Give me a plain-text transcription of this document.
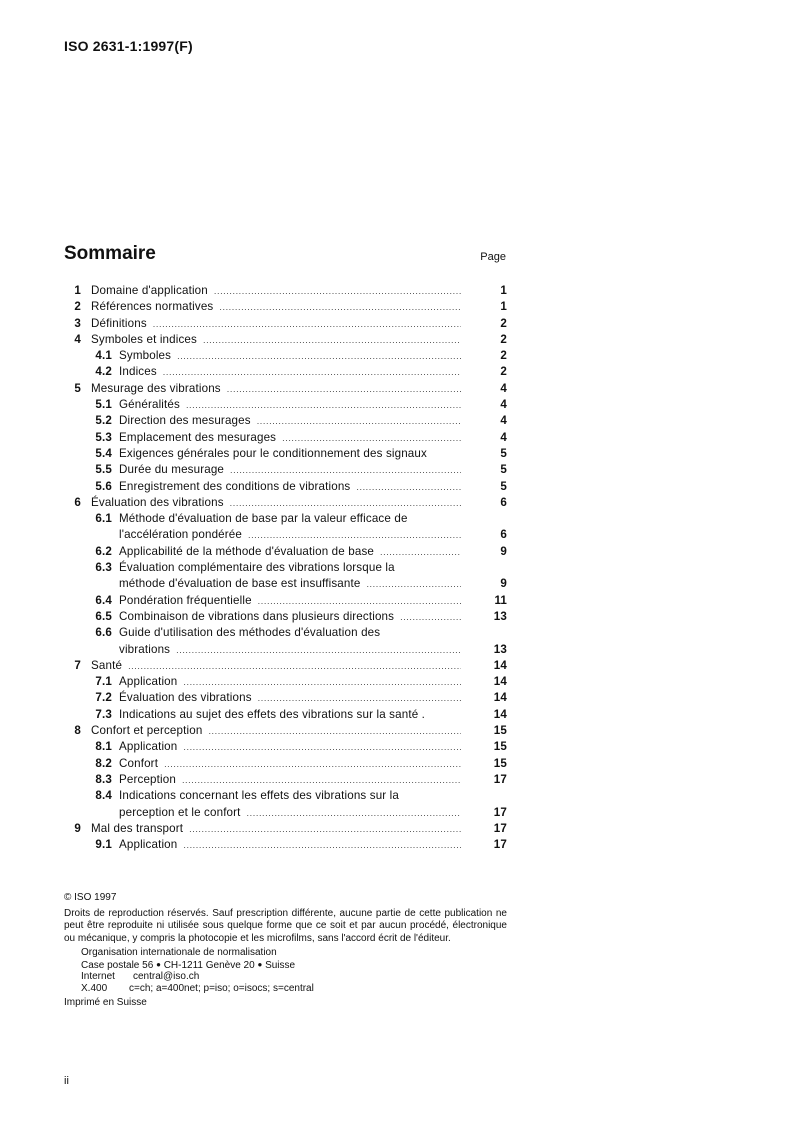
ISO 2631-1:1997(F)
Sommaire	Page
1 Domaine d'application .....	1
2 Références normatives .....	1
3 Définitions .....	2
4 Symboles et indices .....	2
4.1 Symboles .....	2
4.2 Indices .....	2
5 Mesurage des vibrations .....	4
5.1 Généralités .....	4
5.2 Direction des mesurages .....	4
5.3 Emplacement des mesurages .....	4
5.4 Exigences générales pour le conditionnement des signaux	5
5.5 Durée du mesurage .....	5
5.6 Enregistrement des conditions de vibrations .....	5
6 Évaluation des vibrations .....	6
6.1 Méthode d'évaluation de base par la valeur efficace de
l'accélération pondérée .....	6
6.2 Applicabilité de la méthode d'évaluation de base .....	9
6.3 Évaluation complémentaire des vibrations lorsque la
méthode d'évaluation de base est insuffisante .....	9
6.4 Pondération fréquentielle .....	11
6.5 Combinaison de vibrations dans plusieurs directions .....	13
6.6 Guide d'utilisation des méthodes d'évaluation des
vibrations .....	13
7 Santé .....	14
7.1 Application .....	14
7.2 Évaluation des vibrations .....	14
7.3 Indications au sujet des effets des vibrations sur la santé .	14
8 Confort et perception .....	15
8.1 Application .....	15
8.2 Confort .....	15
8.3 Perception .....	17
8.4 Indications concernant les effets des vibrations sur la
perception et le confort .....	17
9 Mal des transport .....	17
9.1 Application .....	17
© ISO 1997

Droits de reproduction réservés. Sauf prescription différente, aucune partie de cette publication ne peut être reproduite ni utilisée sous quelque forme que ce soit et par aucun procédé, électronique ou mécanique, y compris la photocopie et les microfilms, sans l'accord écrit de l'éditeur.

Organisation internationale de normalisation
Case postale 56 ● CH-1211 Genève 20 ● Suisse
Internet central@iso.ch
X.400 c=ch; a=400net; p=iso; o=isocs; s=central
Imprimé en Suisse
ii
